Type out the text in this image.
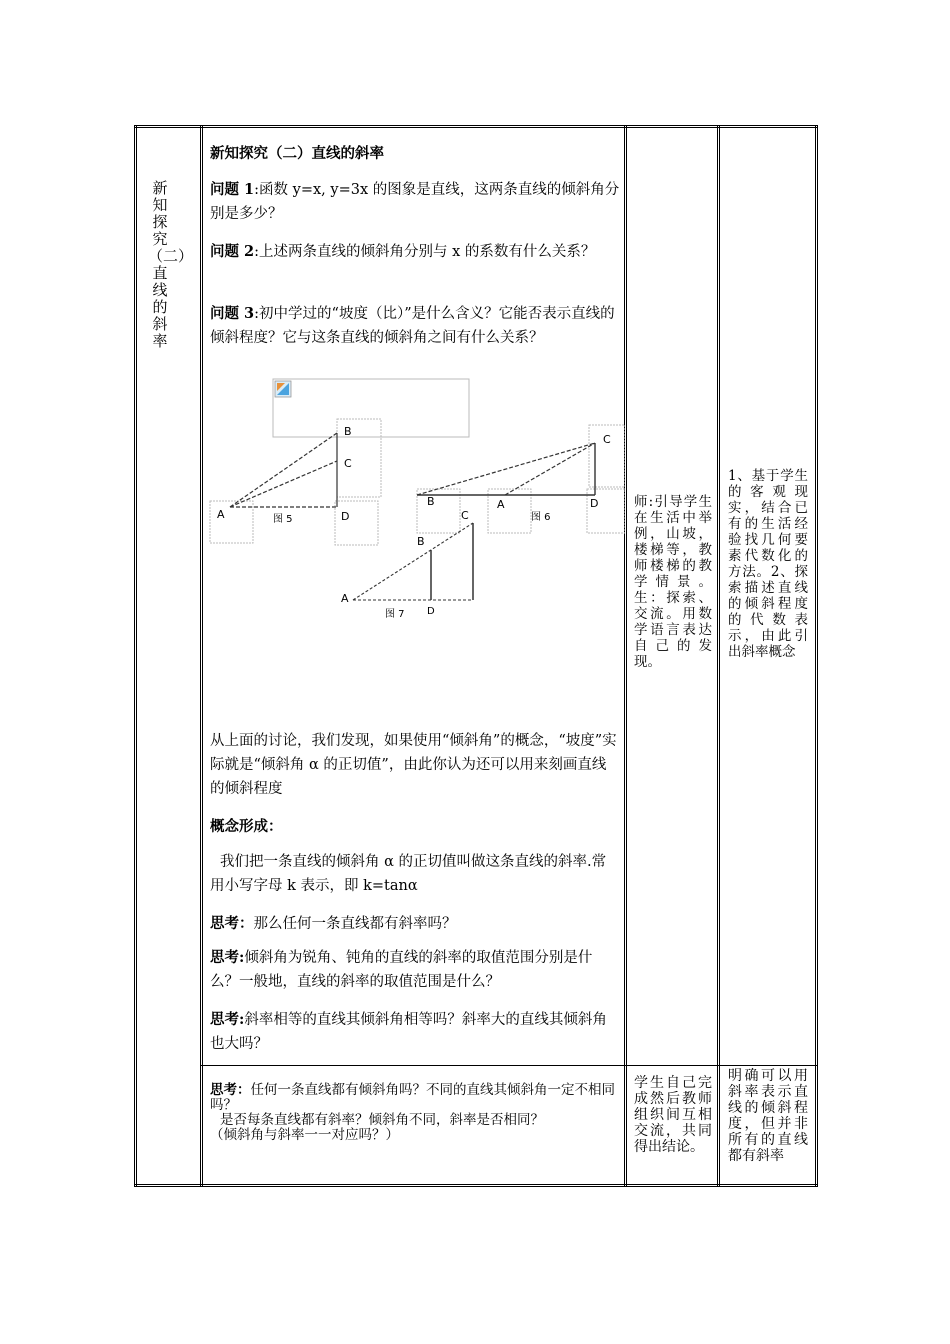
新知探究（二）直线的斜率
新知探究（二）直线的斜率
问题 1:函数 y=x, y=3x 的图象是直线，这两条直线的倾斜角分别是多少？
问题 2:上述两条直线的倾斜角分别与 x 的系数有什么关系？
问题 3:初中学过的“坡度（比）”是什么含义？它能否表示直线的倾斜程度？它与这条直线的倾斜角之间有什么关系？
A
B
C
D
图 5
B	A
C
D
图 6
B
C
A
D
图 7
从上面的讨论，我们发现，如果使用“倾斜角”的概念，“坡度”实际就是“倾斜角 α 的正切值”，由此你认为还可以用来刻画直线的倾斜程度
概念形成：
我们把一条直线的倾斜角 α 的正切值叫做这条直线的斜率.常用小写字母 k 表示，即 k=tanα
思考：那么任何一条直线都有斜率吗？
思考:倾斜角为锐角、钝角的直线的斜率的取值范围分别是什么？一般地，直线的斜率的取值范围是什么？
思考:斜率相等的直线其倾斜角相等吗？斜率大的直线其倾斜角也大吗？
师:引导学生在生活中举例，山坡，楼梯等，教师楼梯的教学情景。生：探索、交流。用数学语言表达自己的发现。
1、基于学生的客观现实，结合已有的生活经验找几何要素代数化的方法。2、探索描述直线的倾斜程度的代数表示，由此引出斜率概念
思考：任何一条直线都有倾斜角吗？不同的直线其倾斜角一定不相同吗？
是否每条直线都有斜率？倾斜角不同，斜率是否相同？
（倾斜角与斜率一一对应吗？）
学生自己完成然后教师组织间互相交流，共同得出结论。
明确可以用斜率表示直线的倾斜程度，但并非所有的直线都有斜率
